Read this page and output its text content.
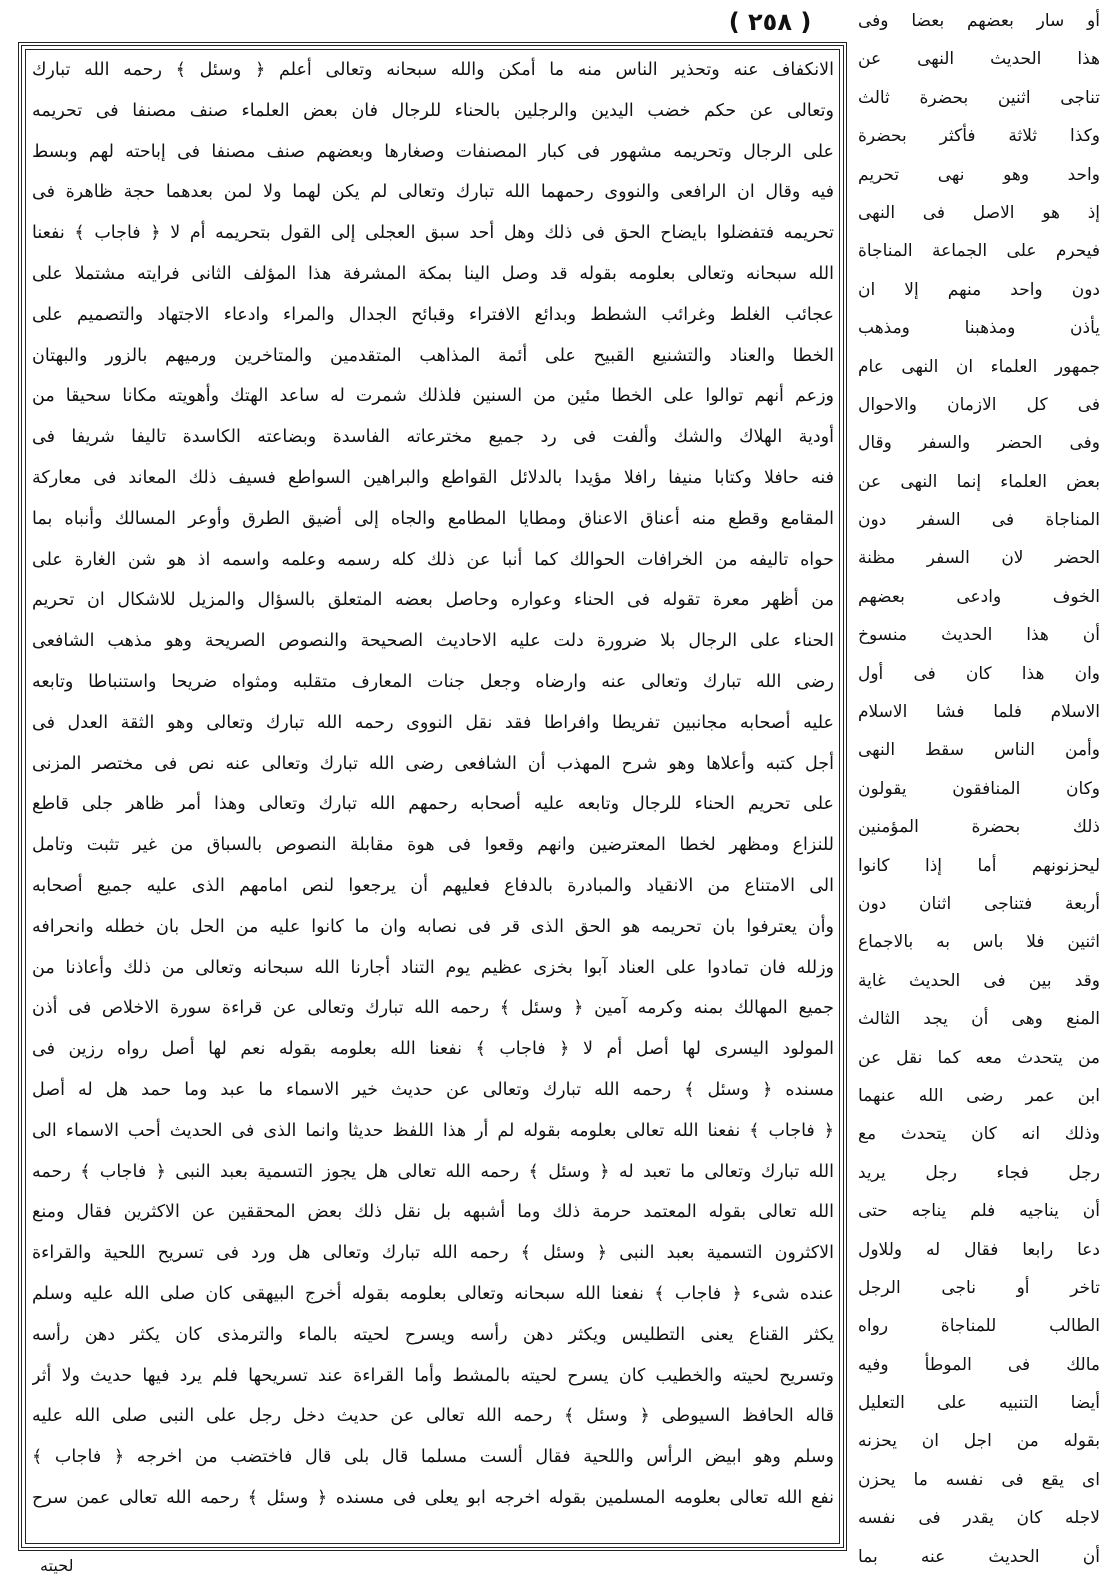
( ٢٥٨ )
الانكفاف عنه وتحذير الناس منه ما أمكن والله سبحانه وتعالى أعلم ﴿ وسئل ﴾ رحمه الله تبارك
وتعالى عن حكم خضب اليدين والرجلين بالحناء للرجال فان بعض العلماء صنف مصنفا فى تحريمه
على الرجال وتحريمه مشهور فى كبار المصنفات وصغارها وبعضهم صنف مصنفا فى إباحته لهم وبسط
فيه وقال ان الرافعى والنووى رحمهما الله تبارك وتعالى لم يكن لهما ولا لمن بعدهما حجة ظاهرة فى
تحريمه فتفضلوا بايضاح الحق فى ذلك وهل أحد سبق العجلى إلى القول بتحريمه أم لا ﴿ فاجاب ﴾ نفعنا
الله سبحانه وتعالى بعلومه بقوله قد وصل الينا بمكة المشرفة هذا المؤلف الثانى فرايته مشتملا على
عجائب الغلط وغرائب الشطط وبدائع الافتراء وقبائح الجدال والمراء وادعاء الاجتهاد والتصميم على
الخطا والعناد والتشنيع القبيح على أئمة المذاهب المتقدمين والمتاخرين ورميهم بالزور والبهتان
وزعم أنهم توالوا على الخطا مئين من السنين فلذلك شمرت له ساعد الهتك وأهويته مكانا سحيقا من
أودية الهلاك والشك وألفت فى رد جميع مخترعاته الفاسدة وبضاعته الكاسدة تاليفا شريفا فى
فنه حافلا وكتابا منيفا رافلا مؤيدا بالدلائل القواطع والبراهين السواطع فسيف ذلك المعاند فى معاركة
المقامع وقطع منه أعناق الاعناق ومطايا المطامع والجاه إلى أضيق الطرق وأوعر المسالك وأنباه بما
حواه تاليفه من الخرافات الحوالك كما أنبا عن ذلك كله رسمه وعلمه واسمه اذ هو شن الغارة على
من أظهر معرة تقوله فى الحناء وعواره وحاصل بعضه المتعلق بالسؤال والمزيل للاشكال ان تحريم
الحناء على الرجال بلا ضرورة دلت عليه الاحاديث الصحيحة والنصوص الصريحة وهو مذهب الشافعى
رضى الله تبارك وتعالى عنه وارضاه وجعل جنات المعارف متقلبه ومثواه ضريحا واستنباطا وتابعه
عليه أصحابه مجانبين تفريطا وافراطا فقد نقل النووى رحمه الله تبارك وتعالى وهو الثقة العدل فى
أجل كتبه وأعلاها وهو شرح المهذب أن الشافعى رضى الله تبارك وتعالى عنه نص فى مختصر المزنى
على تحريم الحناء للرجال وتابعه عليه أصحابه رحمهم الله تبارك وتعالى وهذا أمر ظاهر جلى قاطع
للنزاع ومظهر لخطا المعترضين وانهم وقعوا فى هوة مقابلة النصوص بالسباق من غير تثبت وتامل
الى الامتناع من الانقياد والمبادرة بالدفاع فعليهم أن يرجعوا لنص امامهم الذى عليه جميع أصحابه
وأن يعترفوا بان تحريمه هو الحق الذى قر فى نصابه وان ما كانوا عليه من الحل بان خطله وانحرافه
وزلله فان تمادوا على العناد آبوا بخزى عظيم يوم التناد أجارنا الله سبحانه وتعالى من ذلك وأعاذنا من
جميع المهالك بمنه وكرمه آمين ﴿ وسئل ﴾ رحمه الله تبارك وتعالى عن قراءة سورة الاخلاص فى أذن
المولود اليسرى لها أصل أم لا ﴿ فاجاب ﴾ نفعنا الله بعلومه بقوله نعم لها أصل رواه رزين فى
مسنده ﴿ وسئل ﴾ رحمه الله تبارك وتعالى عن حديث خير الاسماء ما عبد وما حمد هل له أصل
﴿ فاجاب ﴾ نفعنا الله تعالى بعلومه بقوله لم أر هذا اللفظ حديثا وانما الذى فى الحديث أحب الاسماء الى
الله تبارك وتعالى ما تعبد له ﴿ وسئل ﴾ رحمه الله تعالى هل يجوز التسمية بعبد النبى ﴿ فاجاب ﴾ رحمه
الله تعالى بقوله المعتمد حرمة ذلك وما أشبهه بل نقل ذلك بعض المحققين عن الاكثرين فقال ومنع
الاكثرون التسمية بعبد النبى ﴿ وسئل ﴾ رحمه الله تبارك وتعالى هل ورد فى تسريح اللحية والقراءة
عنده شىء ﴿ فاجاب ﴾ نفعنا الله سبحانه وتعالى بعلومه بقوله أخرج البيهقى كان صلى الله عليه وسلم
يكثر القناع يعنى التطليس ويكثر دهن رأسه ويسرح لحيته بالماء والترمذى كان يكثر دهن رأسه
وتسريح لحيته والخطيب كان يسرح لحيته بالمشط وأما القراءة عند تسريحها فلم يرد فيها حديث ولا أثر
قاله الحافظ السيوطى ﴿ وسئل ﴾ رحمه الله تعالى عن حديث دخل رجل على النبى صلى الله عليه
وسلم وهو ابيض الرأس واللحية فقال ألست مسلما قال بلى قال فاختضب من اخرجه ﴿ فاجاب ﴾
نفع الله تعالى بعلومه المسلمين بقوله اخرجه ابو يعلى فى مسنده ﴿ وسئل ﴾ رحمه الله تعالى عمن سرح
أو سار بعضهم بعضا وفى
هذا الحديث النهى عن
تناجى اثنين بحضرة ثالث
وكذا ثلاثة فأكثر بحضرة
واحد وهو نهى تحريم
إذ هو الاصل فى النهى
فيحرم على الجماعة المناجاة
دون واحد منهم إلا ان
يأذن ومذهبنا ومذهب
جمهور العلماء ان النهى عام
فى كل الازمان والاحوال
وفى الحضر والسفر وقال
بعض العلماء إنما النهى عن
المناجاة فى السفر دون
الحضر لان السفر مظنة
الخوف وادعى بعضهم
أن هذا الحديث منسوخ
وان هذا كان فى أول
الاسلام فلما فشا الاسلام
وأمن الناس سقط النهى
وكان المنافقون يقولون
ذلك بحضرة المؤمنين
ليحزنونهم أما إذا كانوا
أربعة فتناجى اثنان دون
اثنين فلا باس به بالاجماع
وقد بين فى الحديث غاية
المنع وهى أن يجد الثالث
من يتحدث معه كما نقل عن
ابن عمر رضى الله عنهما
وذلك انه كان يتحدث مع
رجل فجاء رجل يريد
أن يناجيه فلم يناجه حتى
دعا رابعا فقال له وللاول
تاخر أو ناجى الرجل
الطالب للمناجاة رواه
مالك فى الموطأ وفيه
أيضا التنبيه على التعليل
بقوله من اجل ان يحزنه
اى يقع فى نفسه ما يحزن
لاجله كان يقدر فى نفسه
أن الحديث عنه بما
لحيته
